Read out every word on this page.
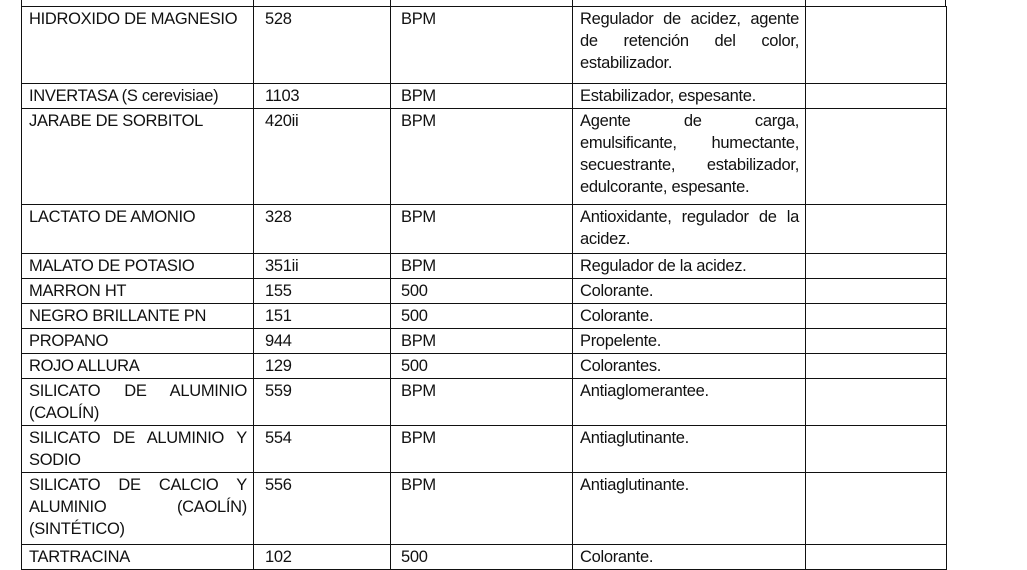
HIDROXIDO DE MAGNESIO	528	BPM	Regulador de acidez, agente de retención del color, estabilizador.	
INVERTASA (S cerevisiae)	1103	BPM	Estabilizador, espesante.	
JARABE DE SORBITOL	420ii	BPM	Agente de carga, emulsificante, humectante, secuestrante, estabilizador, edulcorante, espesante.	
LACTATO DE AMONIO	328	BPM	Antioxidante, regulador de la acidez.	
MALATO DE POTASIO	351ii	BPM	Regulador de la acidez.	
MARRON HT	155	500	Colorante.	
NEGRO BRILLANTE PN	151	500	Colorante.	
PROPANO	944	BPM	Propelente.	
ROJO ALLURA	129	500	Colorantes.	
SILICATO DE ALUMINIO (CAOLÍN)	559	BPM	Antiaglomerantee.	
SILICATO DE ALUMINIO Y SODIO	554	BPM	Antiaglutinante.	
SILICATO DE CALCIO Y ALUMINIO (CAOLÍN) (SINTÉTICO)	556	BPM	Antiaglutinante.	
TARTRACINA	102	500	Colorante.	
